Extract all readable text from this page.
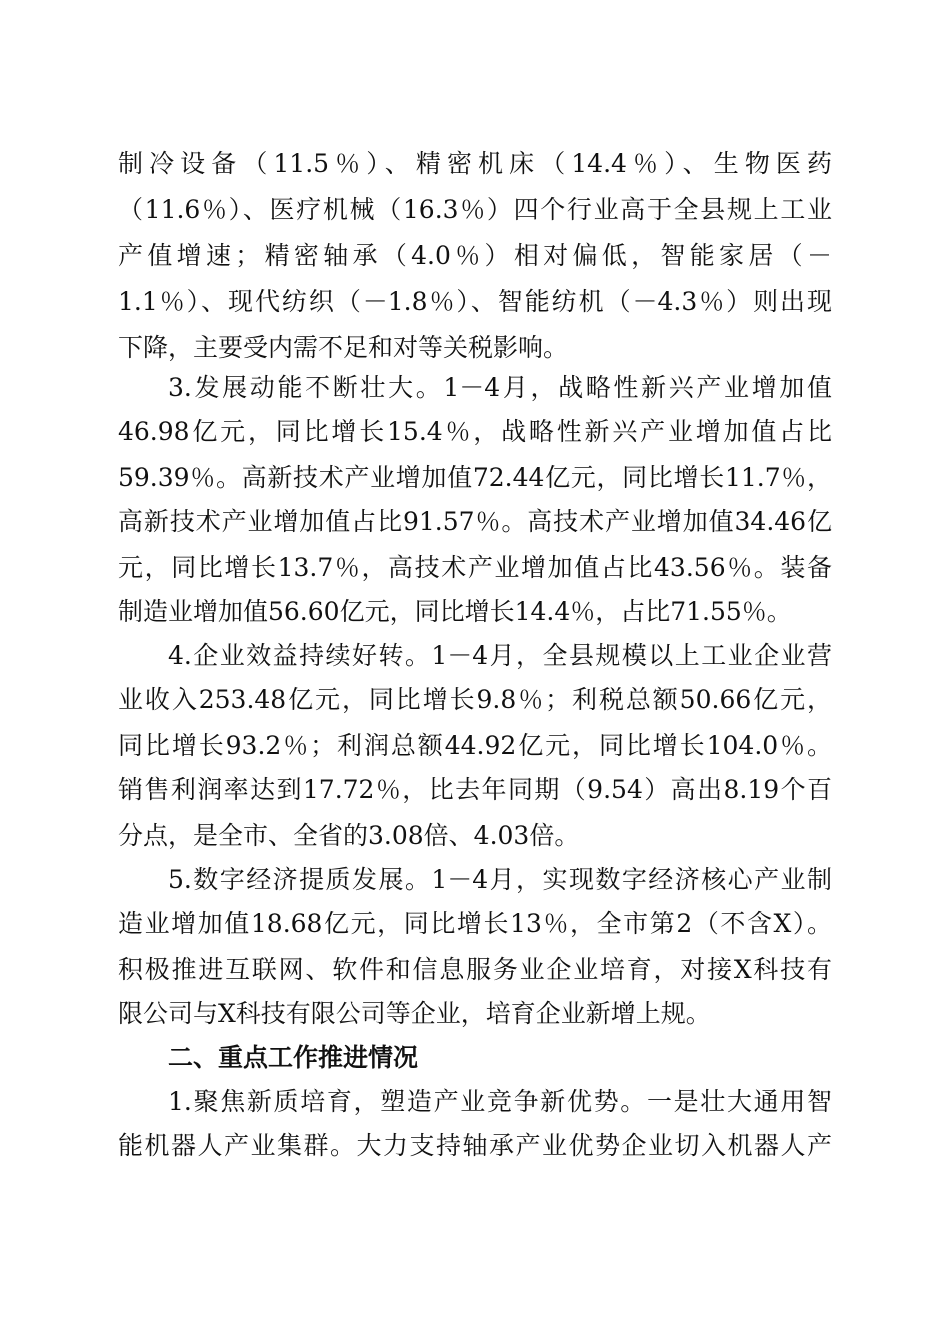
制冷设备（11.5％）、精密机床（14.4％）、生物医药
（11.6％）、医疗机械（16.3％）四个行业高于全县规上工业
产值增速；精密轴承（4.0％）相对偏低，智能家居（－
1.1％）、现代纺织（－1.8％）、智能纺机（－4.3％）则出现
下降，主要受内需不足和对等关税影响。
3.发展动能不断壮大。1－4月，战略性新兴产业增加值
46.98亿元，同比增长15.4％，战略性新兴产业增加值占比
59.39％。高新技术产业增加值72.44亿元，同比增长11.7％，
高新技术产业增加值占比91.57％。高技术产业增加值34.46亿
元，同比增长13.7％，高技术产业增加值占比43.56％。装备
制造业增加值56.60亿元，同比增长14.4％，占比71.55％。
4.企业效益持续好转。1－4月，全县规模以上工业企业营
业收入253.48亿元，同比增长9.8％；利税总额50.66亿元，
同比增长93.2％；利润总额44.92亿元，同比增长104.0％。
销售利润率达到17.72％，比去年同期（9.54）高出8.19个百
分点，是全市、全省的3.08倍、4.03倍。
5.数字经济提质发展。1－4月，实现数字经济核心产业制
造业增加值18.68亿元，同比增长13％，全市第2（不含X）。
积极推进互联网、软件和信息服务业企业培育，对接X科技有
限公司与X科技有限公司等企业，培育企业新增上规。
二、重点工作推进情况
1.聚焦新质培育，塑造产业竞争新优势。一是壮大通用智
能机器人产业集群。大力支持轴承产业优势企业切入机器人产
